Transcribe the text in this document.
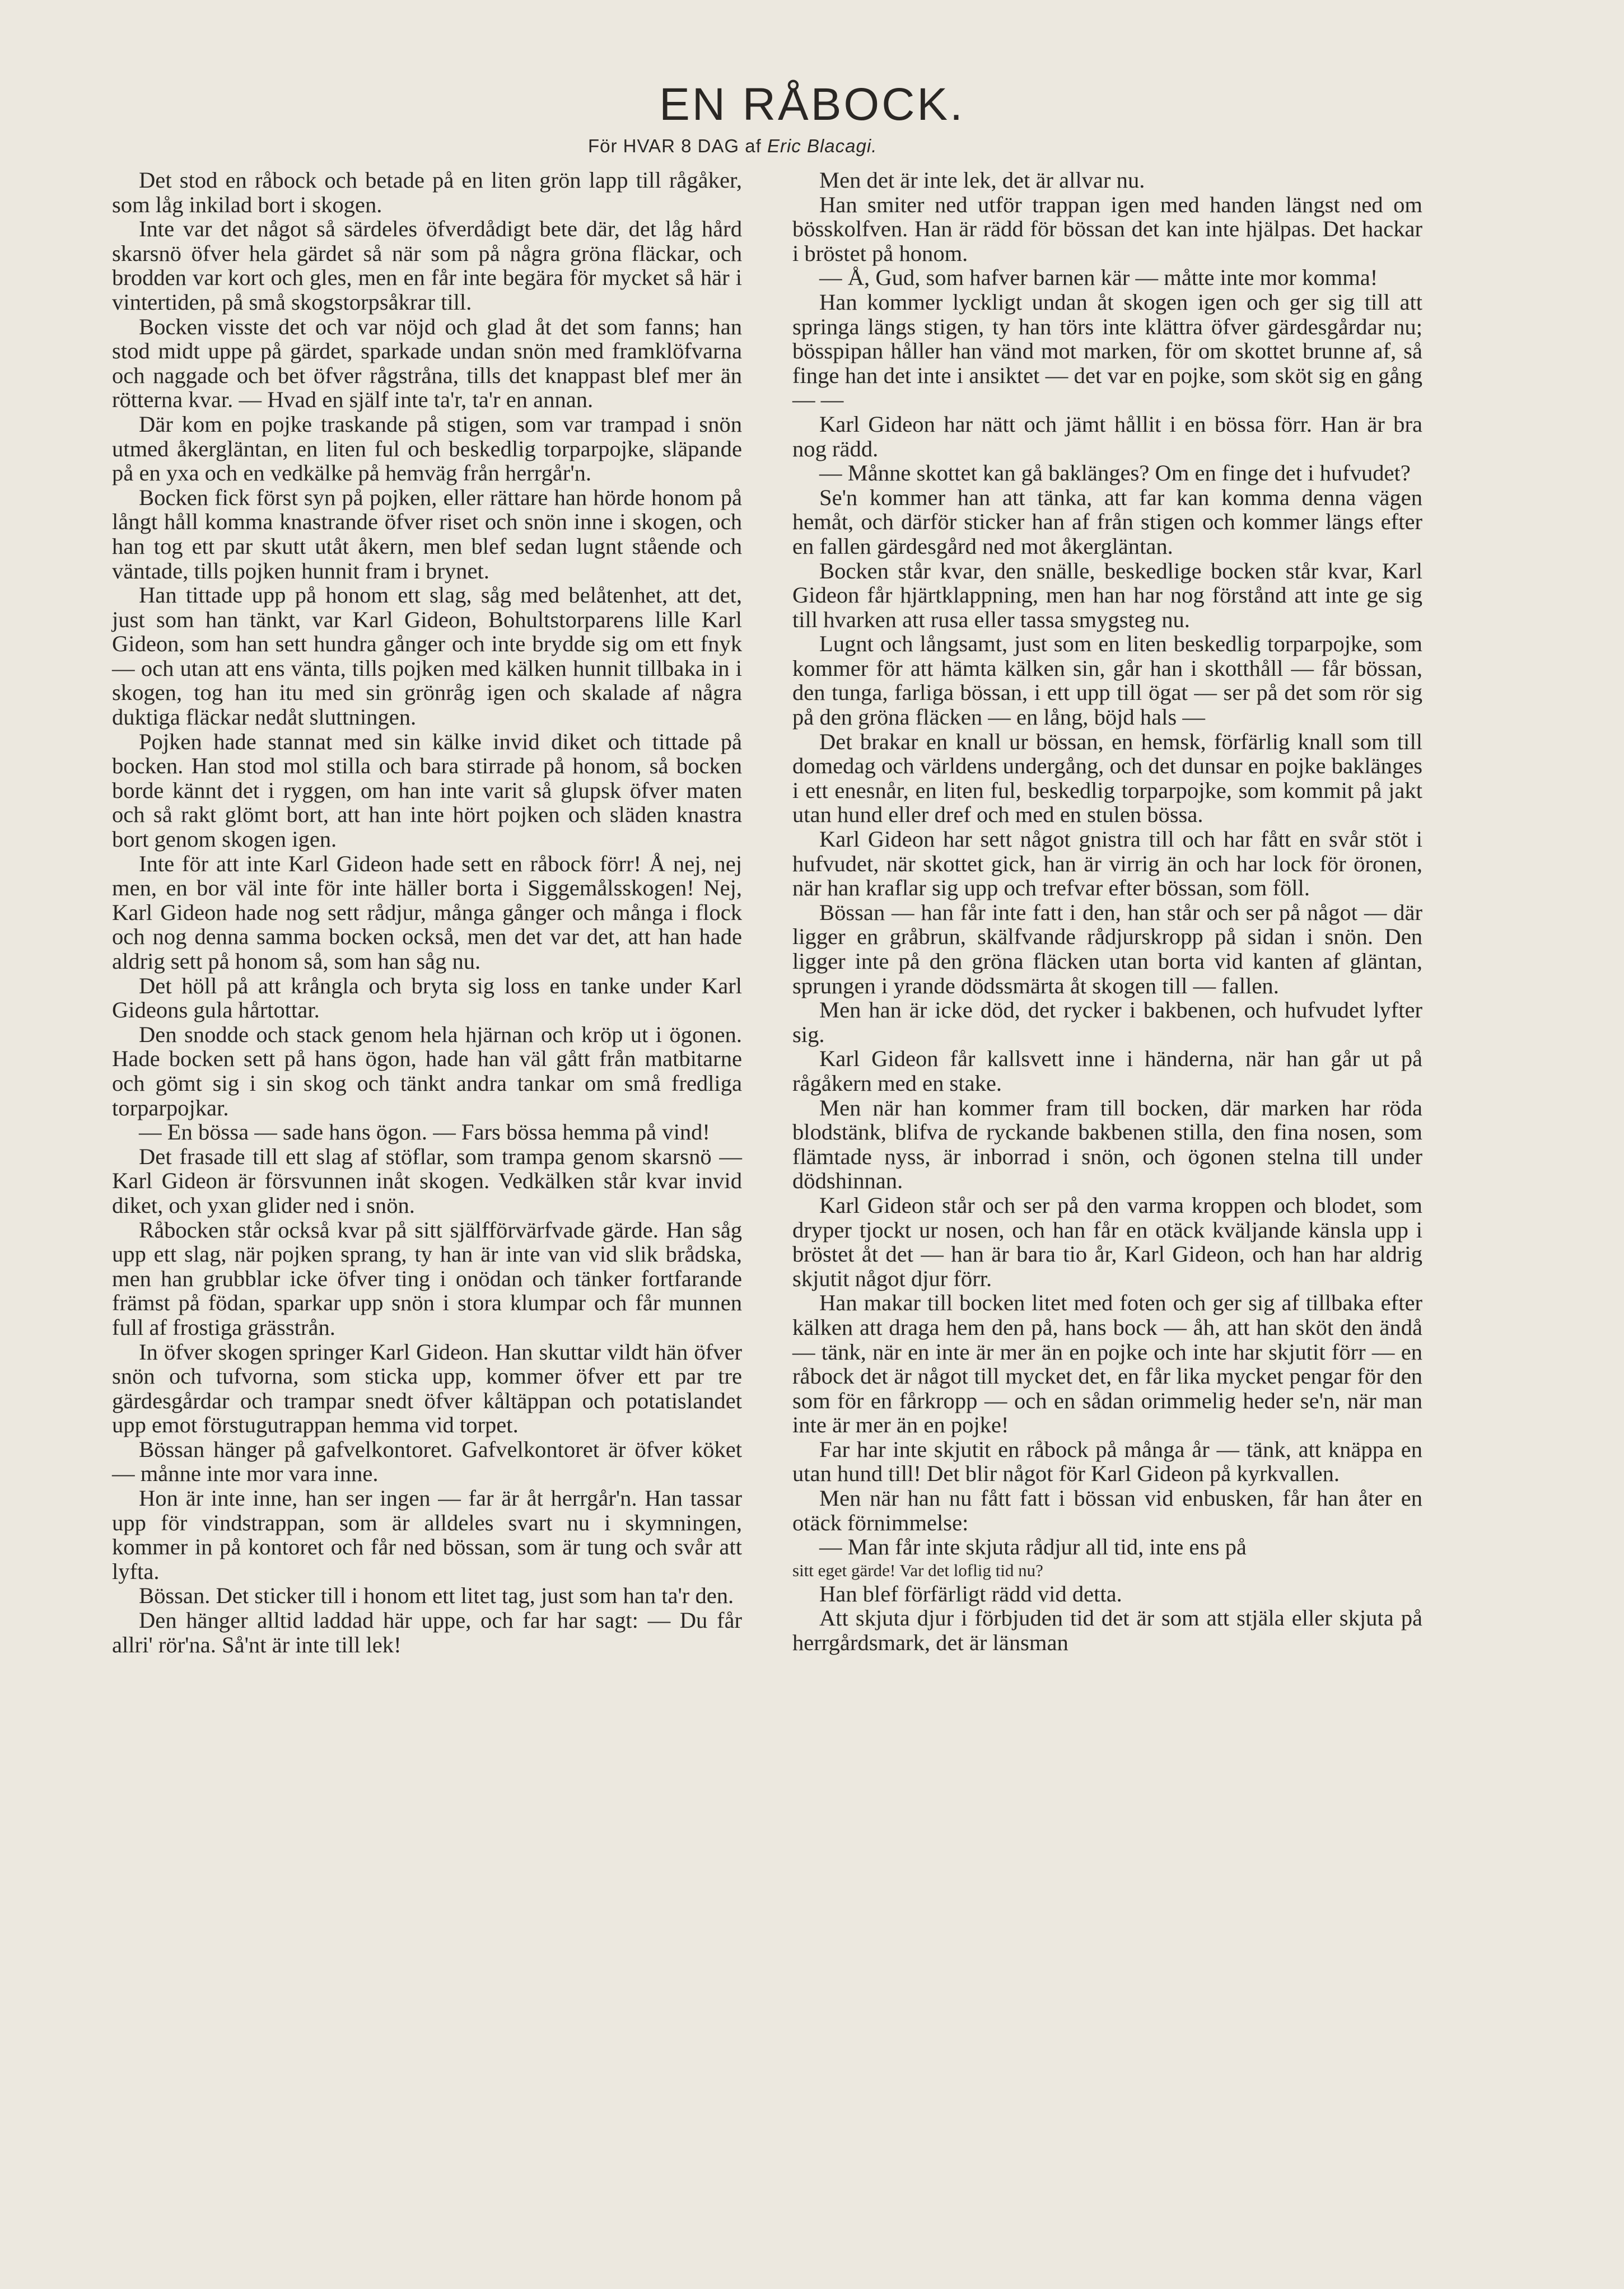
EN RÅBOCK.
För HVAR 8 DAG af Eric Blacagi.

Det stod en råbock och betade på en liten grön lapp till rågåker, som låg inkilad bort i skogen.

Inte var det något så särdeles öfverdådigt bete där, det låg hård skarsnö öfver hela gärdet så när som på några gröna fläckar, och brodden var kort och gles, men en får inte begära för mycket så här i vintertiden, på små skogstorpsåkrar till.

Bocken visste det och var nöjd och glad åt det som fanns; han stod midt uppe på gärdet, sparkade undan snön med framklöfvarna och naggade och bet öfver rågstråna, tills det knappast blef mer än rötterna kvar. — Hvad en själf inte ta'r, ta'r en annan.

Där kom en pojke traskande på stigen, som var trampad i snön utmed åkergläntan, en liten ful och beskedlig torparpojke, släpande på en yxa och en vedkälke på hemväg från herrgår'n.

Bocken fick först syn på pojken, eller rättare han hörde honom på långt håll komma knastrande öfver riset och snön inne i skogen, och han tog ett par skutt utåt åkern, men blef sedan lugnt stående och väntade, tills pojken hunnit fram i brynet.

Han tittade upp på honom ett slag, såg med belåtenhet, att det, just som han tänkt, var Karl Gideon, Bohultstorparens lille Karl Gideon, som han sett hundra gånger och inte brydde sig om ett fnyk — och utan att ens vänta, tills pojken med kälken hunnit tillbaka in i skogen, tog han itu med sin grönråg igen och skalade af några duktiga fläckar nedåt sluttningen.

Pojken hade stannat med sin kälke invid diket och tittade på bocken. Han stod mol stilla och bara stirrade på honom, så bocken borde kännt det i ryggen, om han inte varit så glupsk öfver maten och så rakt glömt bort, att han inte hört pojken och släden knastra bort genom skogen igen.

Inte för att inte Karl Gideon hade sett en råbock förr! Å nej, nej men, en bor väl inte för inte häller borta i Siggemålsskogen! Nej, Karl Gideon hade nog sett rådjur, många gånger och många i flock och nog denna samma bocken också, men det var det, att han hade aldrig sett på honom så, som han såg nu.

Det höll på att krångla och bryta sig loss en tanke under Karl Gideons gula hårtottar.

Den snodde och stack genom hela hjärnan och kröp ut i ögonen. Hade bocken sett på hans ögon, hade han väl gått från matbitarne och gömt sig i sin skog och tänkt andra tankar om små fredliga torparpojkar.

— En bössa — sade hans ögon. — Fars bössa hemma på vind!

Det frasade till ett slag af stöflar, som trampa genom skarsnö — Karl Gideon är försvunnen inåt skogen. Vedkälken står kvar invid diket, och yxan glider ned i snön.

Råbocken står också kvar på sitt själfförvärfvade gärde. Han såg upp ett slag, när pojken sprang, ty han är inte van vid slik brådska, men han grubblar icke öfver ting i onödan och tänker fortfarande främst på födan, sparkar upp snön i stora klumpar och får munnen full af frostiga grässtrån.

In öfver skogen springer Karl Gideon. Han skuttar vildt hän öfver snön och tufvorna, som sticka upp, kommer öfver ett par tre gärdesgårdar och trampar snedt öfver kåltäppan och potatislandet upp emot förstugutrappan hemma vid torpet.

Bössan hänger på gafvelkontoret. Gafvelkontoret är öfver köket — månne inte mor vara inne.

Hon är inte inne, han ser ingen — far är åt herrgår'n. Han tassar upp för vindstrappan, som är alldeles svart nu i skymningen, kommer in på kontoret och får ned bössan, som är tung och svår att lyfta.

Bössan. Det sticker till i honom ett litet tag, just som han ta'r den.

Den hänger alltid laddad här uppe, och far har sagt: — Du får allri' rör'na. Så'nt är inte till lek!

Men det är inte lek, det är allvar nu.

Han smiter ned utför trappan igen med handen längst ned om bösskolfven. Han är rädd för bössan det kan inte hjälpas. Det hackar i bröstet på honom.

— Å, Gud, som hafver barnen kär — måtte inte mor komma!

Han kommer lyckligt undan åt skogen igen och ger sig till att springa längs stigen, ty han törs inte klättra öfver gärdesgårdar nu; bösspipan håller han vänd mot marken, för om skottet brunne af, så finge han det inte i ansiktet — det var en pojke, som sköt sig en gång — —

Karl Gideon har nätt och jämt hållit i en bössa förr. Han är bra nog rädd.

— Månne skottet kan gå baklänges? Om en finge det i hufvudet?

Se'n kommer han att tänka, att far kan komma denna vägen hemåt, och därför sticker han af från stigen och kommer längs efter en fallen gärdesgård ned mot åkergläntan.

Bocken står kvar, den snälle, beskedlige bocken står kvar, Karl Gideon får hjärtklappning, men han har nog förstånd att inte ge sig till hvarken att rusa eller tassa smygsteg nu.

Lugnt och långsamt, just som en liten beskedlig torparpojke, som kommer för att hämta kälken sin, går han i skotthåll — får bössan, den tunga, farliga bössan, i ett upp till ögat — ser på det som rör sig på den gröna fläcken — en lång, böjd hals —

Det brakar en knall ur bössan, en hemsk, förfärlig knall som till domedag och världens undergång, och det dunsar en pojke baklänges i ett enesnår, en liten ful, beskedlig torparpojke, som kommit på jakt utan hund eller dref och med en stulen bössa.

Karl Gideon har sett något gnistra till och har fått en svår stöt i hufvudet, när skottet gick, han är virrig än och har lock för öronen, när han kraflar sig upp och trefvar efter bössan, som föll.

Bössan — han får inte fatt i den, han står och ser på något — där ligger en gråbrun, skälfvande rådjurskropp på sidan i snön. Den ligger inte på den gröna fläcken utan borta vid kanten af gläntan, sprungen i yrande dödssmärta åt skogen till — fallen.

Men han är icke död, det rycker i bakbenen, och hufvudet lyfter sig.

Karl Gideon får kallsvett inne i händerna, när han går ut på rågåkern med en stake.

Men när han kommer fram till bocken, där marken har röda blodstänk, blifva de ryckande bakbenen stilla, den fina nosen, som flämtade nyss, är inborrad i snön, och ögonen stelna till under dödshinnan.

Karl Gideon står och ser på den varma kroppen och blodet, som dryper tjockt ur nosen, och han får en otäck kväljande känsla upp i bröstet åt det — han är bara tio år, Karl Gideon, och han har aldrig skjutit något djur förr.

Han makar till bocken litet med foten och ger sig af tillbaka efter kälken att draga hem den på, hans bock — åh, att han sköt den ändå — tänk, när en inte är mer än en pojke och inte har skjutit förr — en råbock det är något till mycket det, en får lika mycket pengar för den som för en fårkropp — och en sådan orimmelig heder se'n, när man inte är mer än en pojke!

Far har inte skjutit en råbock på många år — tänk, att knäppa en utan hund till! Det blir något för Karl Gideon på kyrkvallen.

Men när han nu fått fatt i bössan vid enbusken, får han åter en otäck förnimmelse:

— Man får inte skjuta rådjur all tid, inte ens på

sitt eget gärde! Var det loflig tid nu?

Han blef förfärligt rädd vid detta.

Att skjuta djur i förbjuden tid det är som att stjäla eller skjuta på herrgårdsmark, det är länsman
